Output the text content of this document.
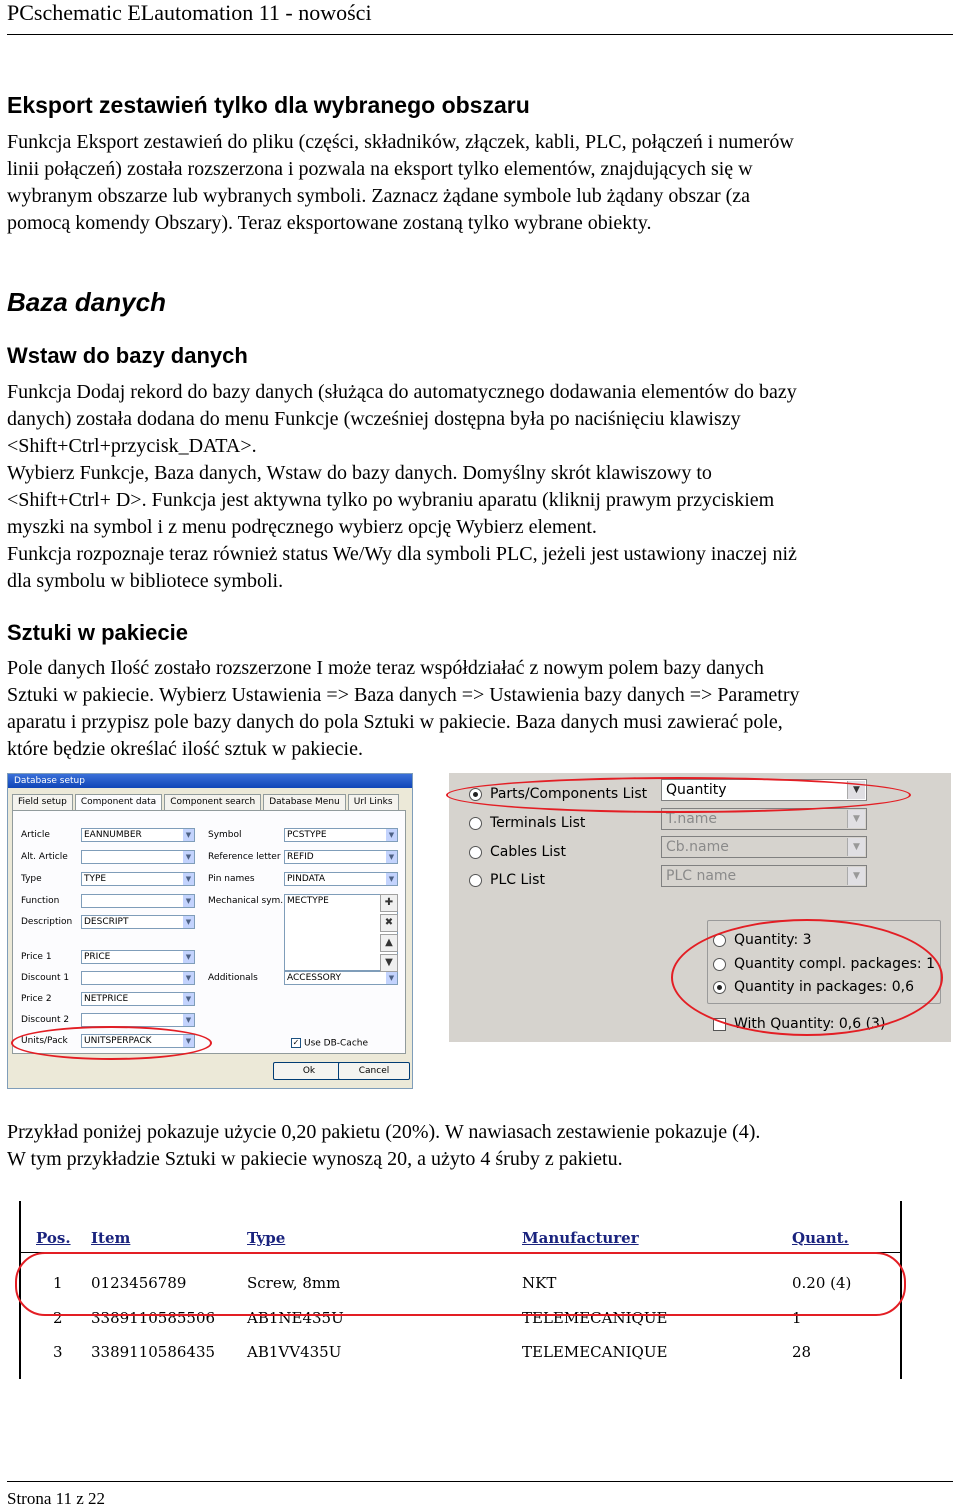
PCschematic ELautomation 11 - nowości
Eksport zestawień tylko dla wybranego obszaru
Funkcja Eksport zestawień do pliku (części, składników, złączek, kabli, PLC, połączeń i numerów
linii połączeń) została rozszerzona i pozwala na eksport tylko elementów, znajdujących się w
wybranym obszarze lub wybranych symboli. Zaznacz żądane symbole lub żądany obszar (za
pomocą komendy Obszary). Teraz eksportowane zostaną tylko wybrane obiekty.
Baza danych
Wstaw do bazy danych
Funkcja Dodaj rekord do bazy danych (służąca do automatycznego dodawania elementów do bazy
danych) została dodana do menu Funkcje (wcześniej dostępna była po naciśnięciu klawiszy
<Shift+Ctrl+przycisk_DATA>.
Wybierz Funkcje, Baza danych, Wstaw do bazy danych. Domyślny skrót klawiszowy to
<Shift+Ctrl+ D>. Funkcja jest aktywna tylko po wybraniu aparatu (kliknij prawym przyciskiem
myszki na symbol i z menu podręcznego wybierz opcję Wybierz element.
Funkcja rozpoznaje teraz również status We/Wy dla symboli PLC, jeżeli jest ustawiony inaczej niż
dla symbolu w bibliotece symboli.
Sztuki w pakiecie
Pole danych Ilość zostało rozszerzone I może teraz współdziałać z nowym polem bazy danych
Sztuki w pakiecie. Wybierz Ustawienia => Baza danych => Ustawienia bazy danych => Parametry
aparatu i przypisz pole bazy danych do pola Sztuki w pakiecie. Baza danych musi zawierać pole,
które będzie określać ilość sztuk w pakiecie.
Database setup
Field setup	Component data	Component search	Database Menu	Url Links
Article	EANNUMBER	▼
Alt. Article	▼
Type	TYPE	▼
Function	▼
Description	DESCRIPT	▼
Price 1	PRICE	▼
Discount 1	▼
Price 2	NETPRICE	▼
Discount 2	▼
Units/Pack	UNITSPERPACK	▼
Symbol	PCSTYPE	▼
Reference letter REFID	▼
Pin names	PINDATA	▼
Mechanical sym. MECTYPE
Additionals	ACCESSORY	▼
✚
✖
▲
▼
✓ Use DB-Cache
Ok	Cancel
Parts/Components List
Terminals List
Cables List
PLC List
Quantity	▼
T.name	▼
Cb.name	▼
PLC name	▼
Quantity: 3
Quantity compl. packages: 1
Quantity in packages: 0,6
With Quantity: 0,6 (3)
Przykład poniżej pokazuje użycie 0,20 pakietu (20%). W nawiasach zestawienie pokazuje (4).
W tym przykładzie Sztuki w pakiecie wynoszą 20, a użyto 4 śruby z pakietu.
Pos. Item	Type	Manufacturer	Quant.
1 0123456789	Screw, 8mm	NKT	0.20 (4)
2 3389110585506 AB1NE435U	TELEMECANIQUE	1
3 3389110586435 AB1VV435U	TELEMECANIQUE	28
Strona 11 z 22
